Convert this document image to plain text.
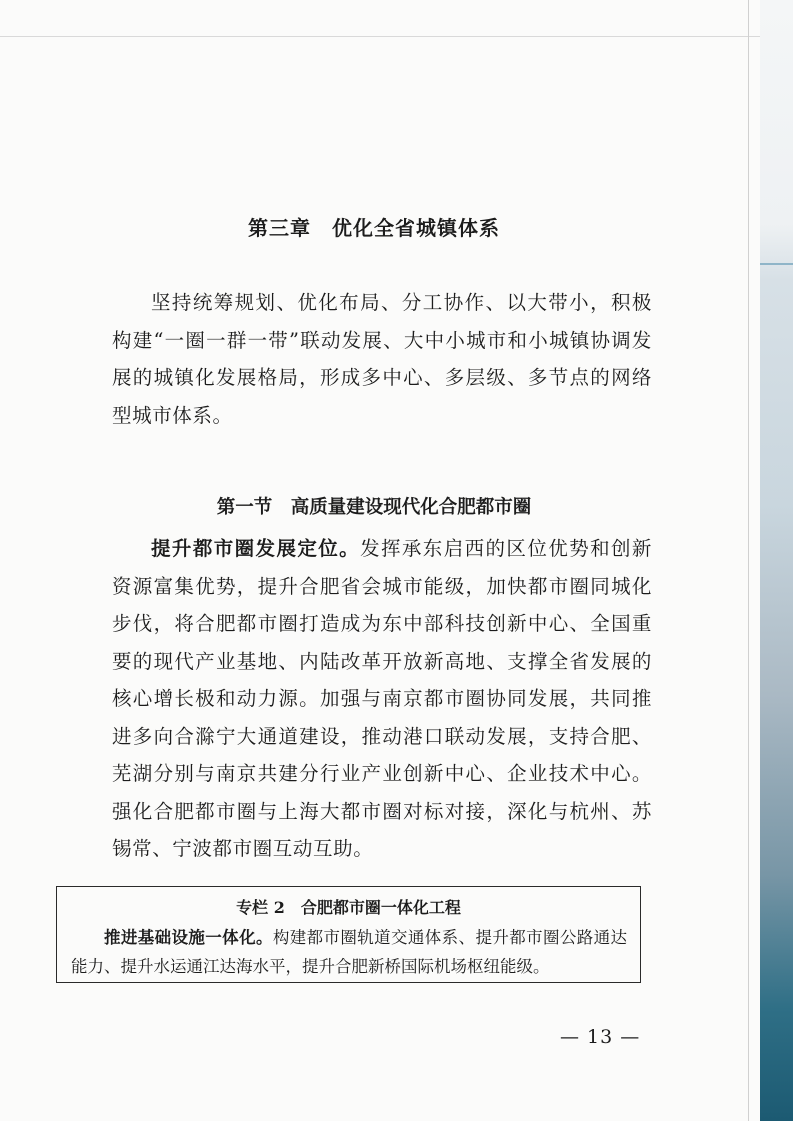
第三章　优化全省城镇体系
坚持统筹规划、优化布局、分工协作、以大带小，积极构建“一圈一群一带”联动发展、大中小城市和小城镇协调发展的城镇化发展格局，形成多中心、多层级、多节点的网络型城市体系。
第一节　高质量建设现代化合肥都市圈
提升都市圈发展定位。发挥承东启西的区位优势和创新资源富集优势，提升合肥省会城市能级，加快都市圈同城化步伐，将合肥都市圈打造成为东中部科技创新中心、全国重要的现代产业基地、内陆改革开放新高地、支撑全省发展的核心增长极和动力源。加强与南京都市圈协同发展，共同推进多向合滁宁大通道建设，推动港口联动发展，支持合肥、芜湖分别与南京共建分行业产业创新中心、企业技术中心。强化合肥都市圈与上海大都市圈对标对接，深化与杭州、苏锡常、宁波都市圈互动互助。
专栏 2　合肥都市圈一体化工程
推进基础设施一体化。构建都市圈轨道交通体系、提升都市圈公路通达能力、提升水运通江达海水平，提升合肥新桥国际机场枢纽能级。
— 13 —
